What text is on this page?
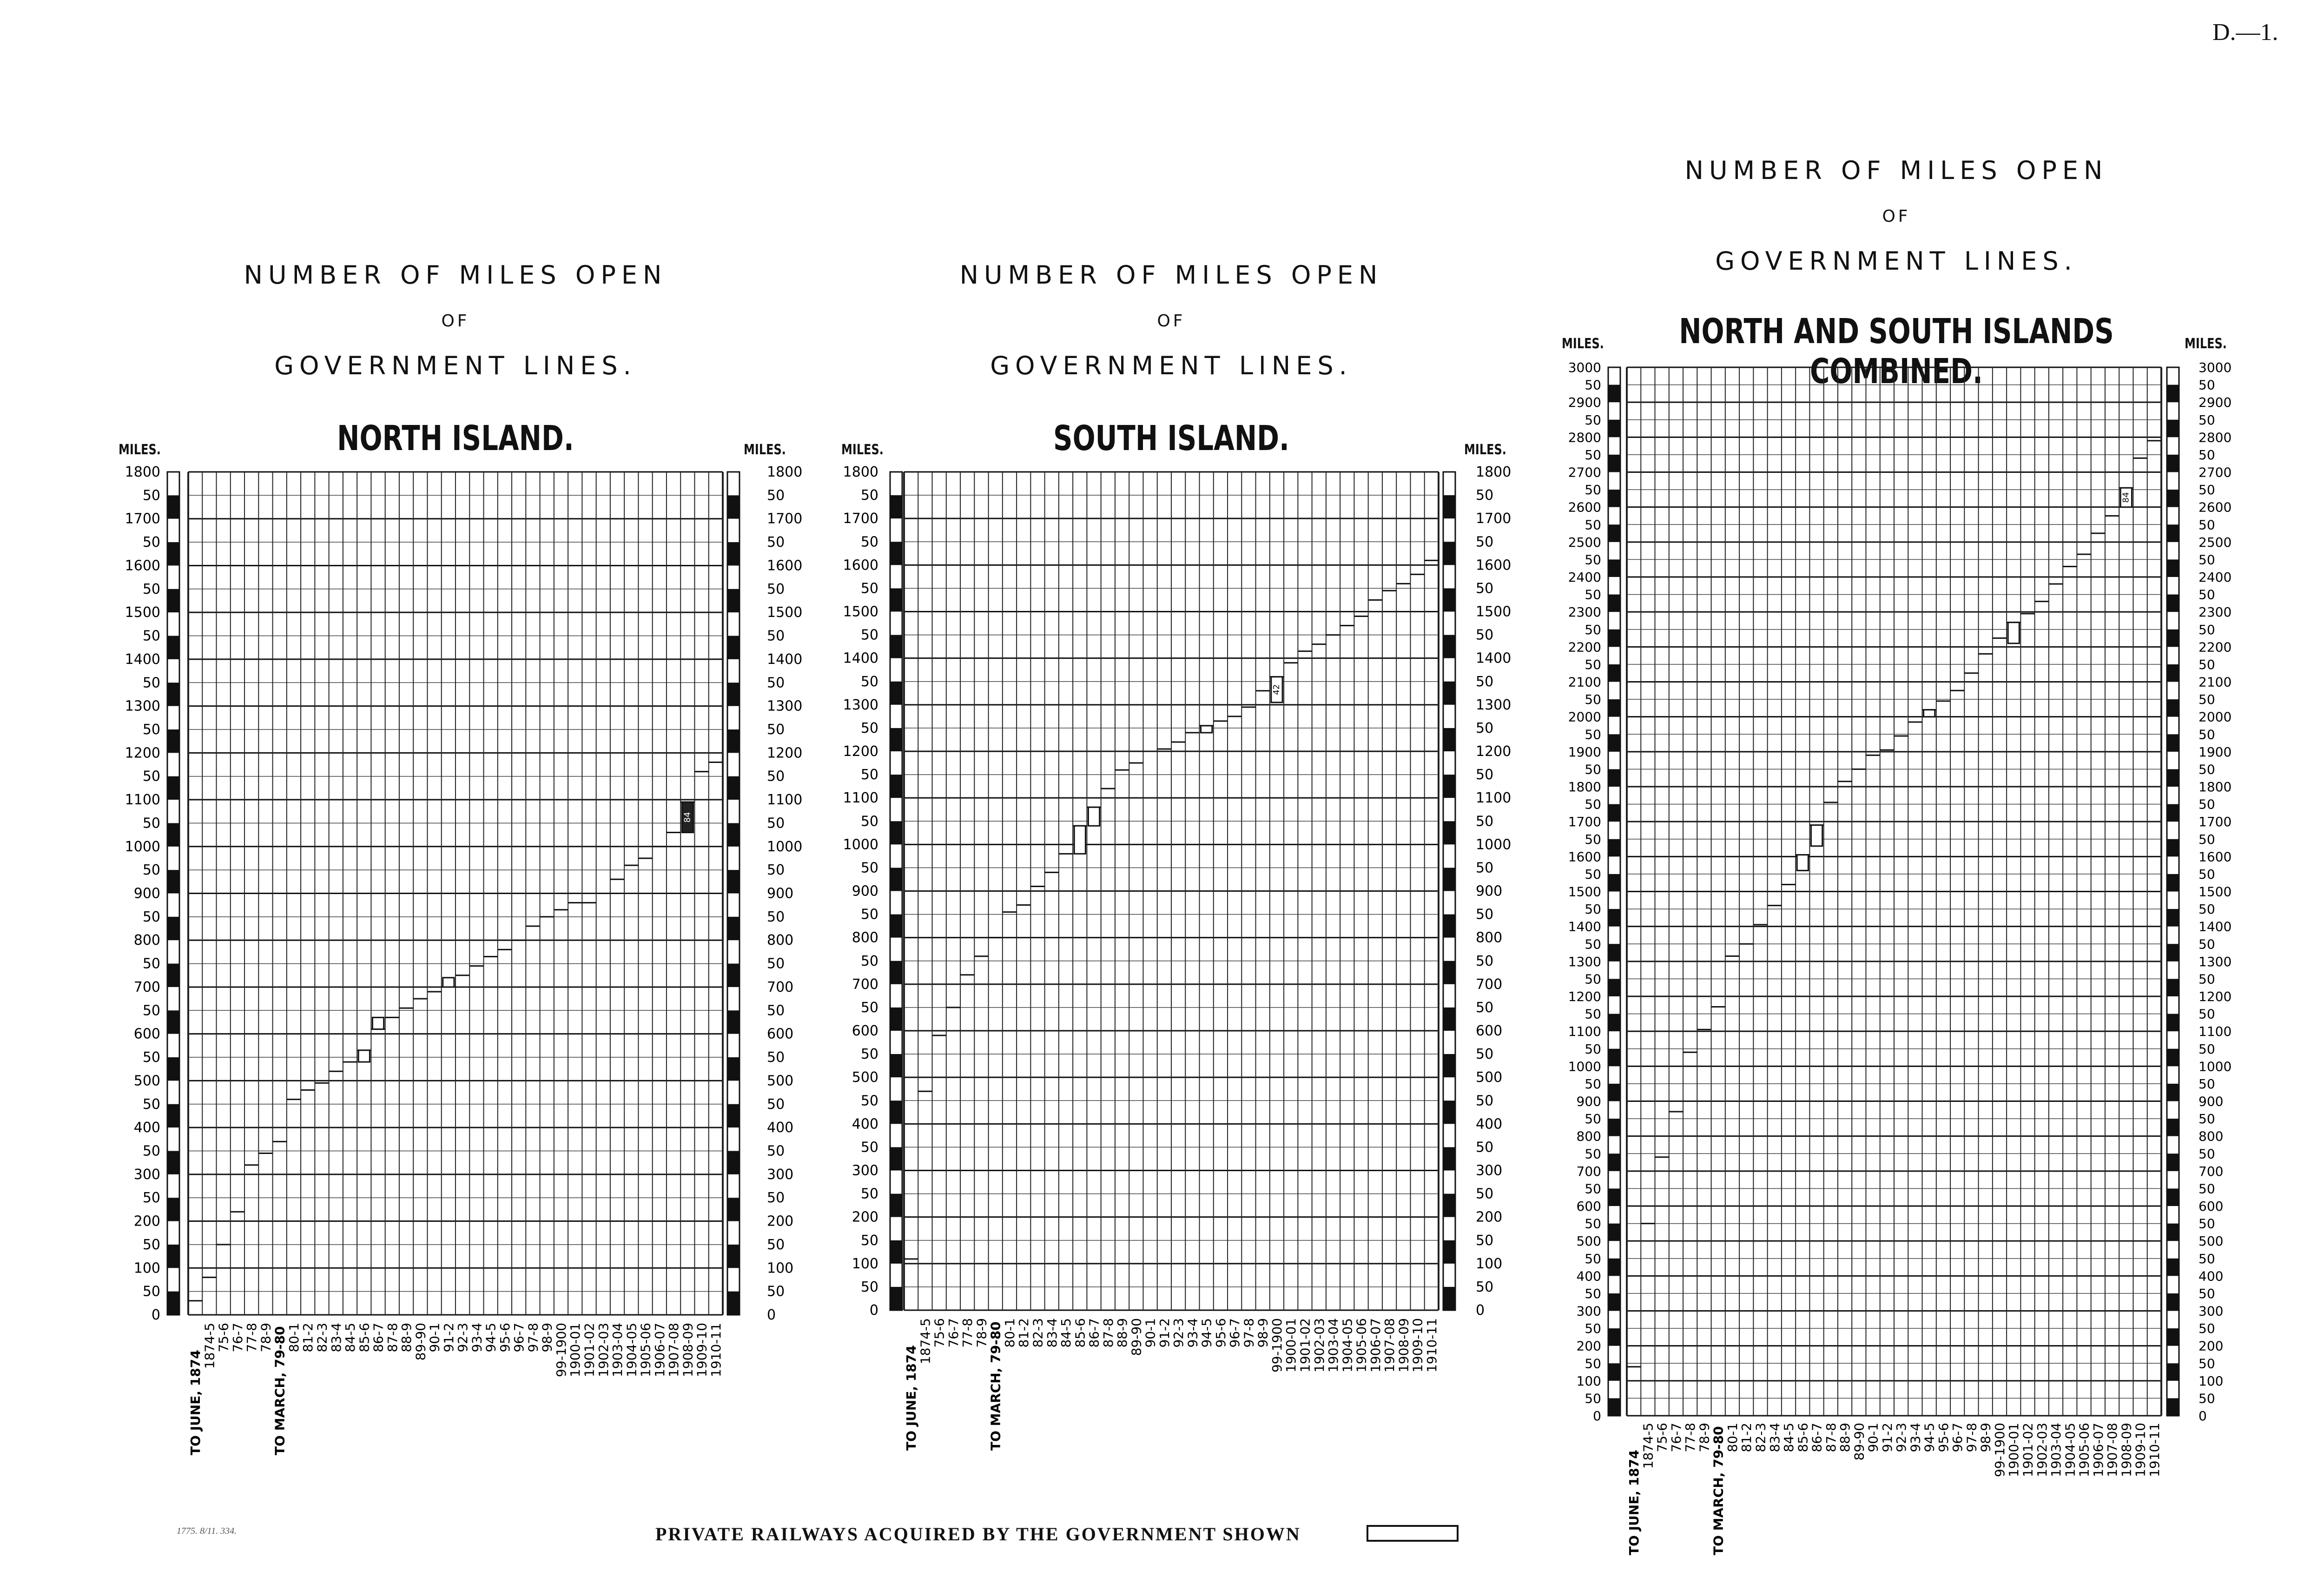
D.—1.
NUMBER OF MILES OPEN
OF
GOVERNMENT LINES.
NORTH ISLAND.
MILES.	MILES.
NUMBER OF MILES OPEN
OF
GOVERNMENT LINES.
SOUTH ISLAND.
MILES.	MILES.
NUMBER OF MILES OPEN
OF
GOVERNMENT LINES.
NORTH AND SOUTH ISLANDS COMBINED.
MILES.	MILES.
0	0
100	100
200	200
300	300
400	400
500	500
600	600
700	700
800	800
900	900
1000	1000
1100	1100
1200	1200
1300	1300
1400	1400
1500	1500
1600	1600
1700	1700
1800	1800
50	50
50	50
50	50
50	50
50	50
50	50
50	50
50	50
50	50
50	50
50	50
50	50
50	50
50	50
50	50
50	50
50	50
50	50
84
TO JUNE, 1874
1874-5
75-6
76-7
77-8
78-9
TO MARCH, 79-80
80-1
81-2
82-3
83-4
84-5
85-6
86-7
87-8
88-9
89-90
90-1
91-2
92-3
93-4
94-5
95-6
96-7
97-8
98-9
99-1900
1900-01
1901-02
1902-03
1903-04
1904-05
1905-06
1906-07
1907-08
1908-09
1909-10
1910-11
0	0
100	100
200	200
300	300
400	400
500	500
600	600
700	700
800	800
900	900
1000	1000
1100	1100
1200	1200
1300	1300
1400	1400
1500	1500
1600	1600
1700	1700
1800	1800
50	50
50	50
50	50
50	50
50	50
50	50
50	50
50	50
50	50
50	50
50	50
50	50
50	50
50	50
50	50
50	50
50	50
50	50
42
TO JUNE, 1874
1874-5
75-6
76-7
77-8
78-9
TO MARCH, 79-80
80-1
81-2
82-3
83-4
84-5
85-6
86-7
87-8
88-9
89-90
90-1
91-2
92-3
93-4
94-5
95-6
96-7
97-8
98-9
99-1900
1900-01
1901-02
1902-03
1903-04
1904-05
1905-06
1906-07
1907-08
1908-09
1909-10
1910-11
0	0
100	100
200	200
300	300
400	400
500	500
600	600
700	700
800	800
900	900
1000	1000
1100	1100
1200	1200
1300	1300
1400	1400
1500	1500
1600	1600
1700	1700
1800	1800
1900	1900
2000	2000
2100	2100
2200	2200
2300	2300
2400	2400
2500	2500
2600	2600
2700	2700
2800	2800
2900	2900
3000	3000
50	50
50	50
50	50
50	50
50	50
50	50
50	50
50	50
50	50
50	50
50	50
50	50
50	50
50	50
50	50
50	50
50	50
50	50
50	50
50	50
50	50
50	50
50	50
50	50
50	50
50	50
50	50
50	50
50	50
50	50
84
TO JUNE, 1874
1874-5
75-6
76-7
77-8
78-9
TO MARCH, 79-80
80-1
81-2
82-3
83-4
84-5
85-6
86-7
87-8
88-9
89-90
90-1
91-2
92-3
93-4
94-5
95-6
96-7
97-8
98-9
99-1900
1900-01
1901-02
1902-03
1903-04
1904-05
1905-06
1906-07
1907-08
1908-09
1909-10
1910-11
1775. 8/11. 334.	PRIVATE RAILWAYS ACQUIRED BY THE GOVERNMENT SHOWN
